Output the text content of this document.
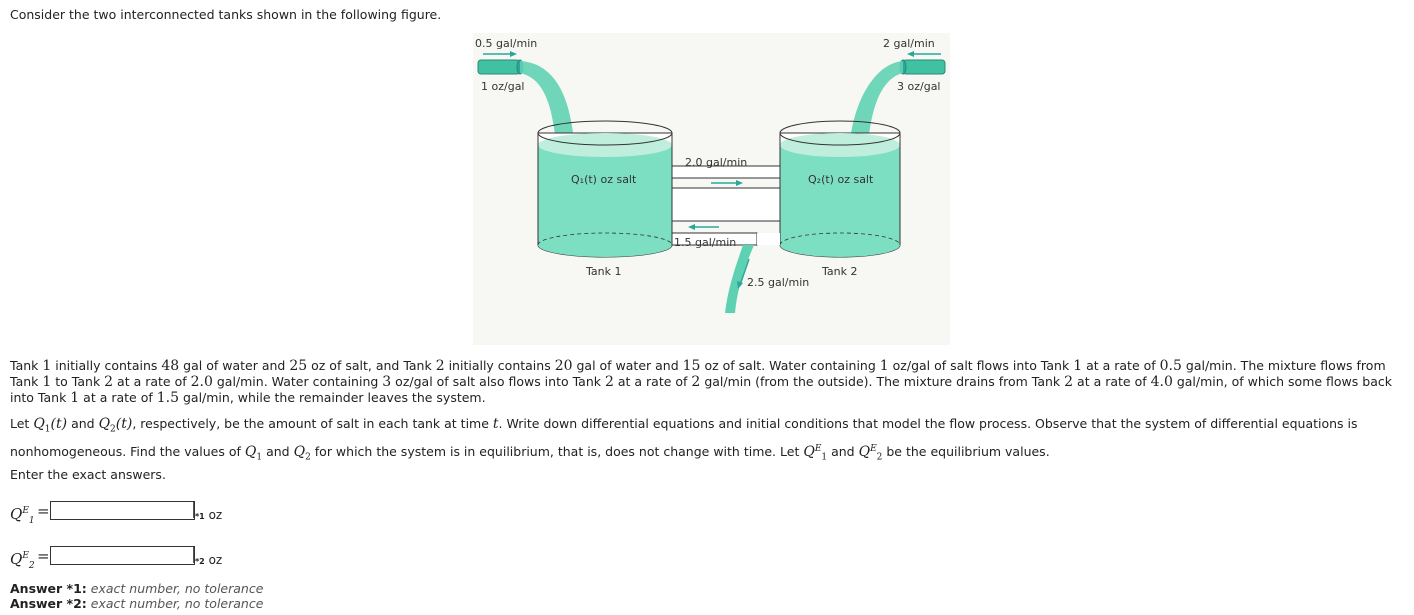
Consider the two interconnected tanks shown in the following figure.
0.5 gal/min
1 oz/gal
2 gal/min
3 oz/gal
2.0 gal/min
1.5 gal/min
2.5 gal/min
Q₁(t) oz salt	Q₂(t) oz salt
Tank 1	Tank 2
Tank 1 initially contains 48 gal of water and 25 oz of salt, and Tank 2 initially contains 20 gal of water and 15 oz of salt. Water containing 1 oz/gal of salt flows into Tank 1 at a rate of 0.5 gal/min. The mixture flows from Tank 1 to Tank 2 at a rate of 2.0 gal/min. Water containing 3 oz/gal of salt also flows into Tank 2 at a rate of 2 gal/min (from the outside). The mixture drains from Tank 2 at a rate of 4.0 gal/min, of which some flows back into Tank 1 at a rate of 1.5 gal/min, while the remainder leaves the system.
Let $Q_1(t)$ and $Q_2(t)$, respectively, be the amount of salt in each tank at time t. Write down differential equations and initial conditions that model the flow process. Observe that the system of differential equations is nonhomogeneous. Find the values of $Q_1$ and $Q_2$ for which the system is in equilibrium, that is, does not change with time. Let $Q^E_1$ and $Q^E_2$ be the equilibrium values.
Enter the exact answers.
$Q^E_1$
=	*1 oz
$Q^E_2$
=	*2 oz
Answer *1: exact number, no tolerance
Answer *2: exact number, no tolerance
